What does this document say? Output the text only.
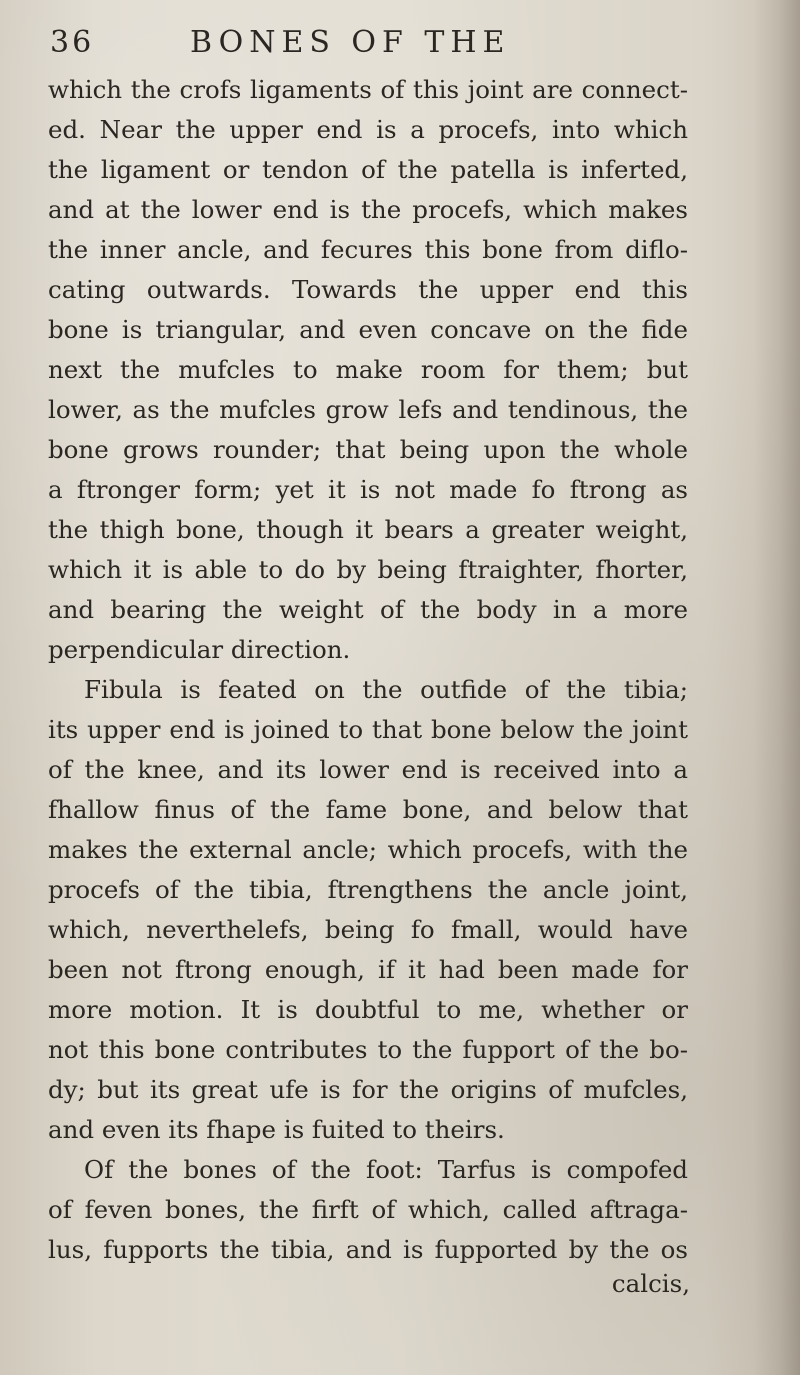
36	BONES OF THE
which the crofs ligaments of this joint are connect-
ed. Near the upper end is a procefs, into which
the ligament or tendon of the patella is inferted,
and at the lower end is the procefs, which makes
the inner ancle, and fecures this bone from diflo-
cating outwards. Towards the upper end this
bone is triangular, and even concave on the fide
next the mufcles to make room for them; but
lower, as the mufcles grow lefs and tendinous, the
bone grows rounder; that being upon the whole
a ftronger form; yet it is not made fo ftrong as
the thigh bone, though it bears a greater weight,
which it is able to do by being ftraighter, fhorter,
and bearing the weight of the body in a more
perpendicular direction.
Fibula is feated on the outfide of the tibia;
its upper end is joined to that bone below the joint
of the knee, and its lower end is received into a
fhallow finus of the fame bone, and below that
makes the external ancle; which procefs, with the
procefs of the tibia, ftrengthens the ancle joint,
which, neverthelefs, being fo fmall, would have
been not ftrong enough, if it had been made for
more motion. It is doubtful to me, whether or
not this bone contributes to the fupport of the bo-
dy; but its great ufe is for the origins of mufcles,
and even its fhape is fuited to theirs.
Of the bones of the foot: Tarfus is compofed
of feven bones, the firft of which, called aftraga-
lus, fupports the tibia, and is fupported by the os
calcis,
